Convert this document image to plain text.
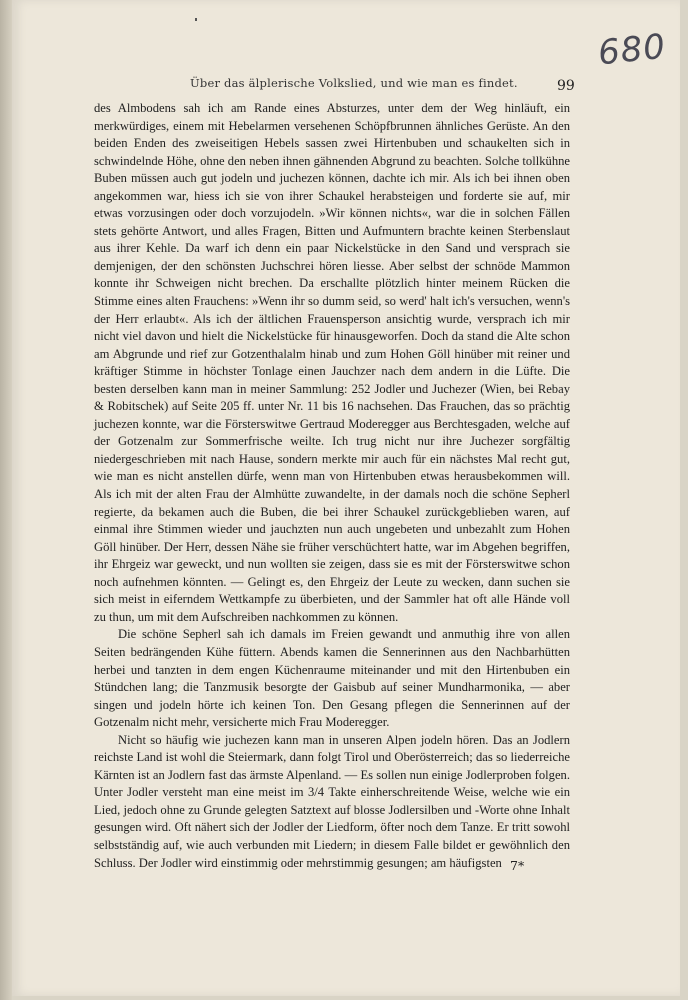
680
Über das älplerische Volkslied, und wie man es findet.	99

des Almbodens sah ich am Rande eines Absturzes, unter dem der Weg hinläuft, ein merkwürdiges, einem mit Hebelarmen versehenen Schöpfbrunnen ähnliches Gerüste. An den beiden Enden des zweiseitigen Hebels sassen zwei Hirtenbuben und schaukelten sich in schwindelnde Höhe, ohne den neben ihnen gähnenden Abgrund zu beachten. Solche tollkühne Buben müssen auch gut jodeln und juchezen können, dachte ich mir. Als ich bei ihnen oben angekommen war, hiess ich sie von ihrer Schaukel herabsteigen und forderte sie auf, mir etwas vorzusingen oder doch vorzujodeln. »Wir können nichts«, war die in solchen Fällen stets gehörte Antwort, und alles Fragen, Bitten und Aufmuntern brachte keinen Sterbenslaut aus ihrer Kehle. Da warf ich denn ein paar Nickelstücke in den Sand und versprach sie demjenigen, der den schönsten Juchschrei hören liesse. Aber selbst der schnöde Mammon konnte ihr Schweigen nicht brechen. Da erschallte plötzlich hinter meinem Rücken die Stimme eines alten Frauchens: »Wenn ihr so dumm seid, so werd' halt ich's versuchen, wenn's der Herr erlaubt«. Als ich der ältlichen Frauensperson ansichtig wurde, versprach ich mir nicht viel davon und hielt die Nickelstücke für hinausgeworfen. Doch da stand die Alte schon am Abgrunde und rief zur Gotzenthalalm hinab und zum Hohen Göll hinüber mit reiner und kräftiger Stimme in höchster Tonlage einen Jauchzer nach dem andern in die Lüfte. Die besten derselben kann man in meiner Sammlung: 252 Jodler und Juchezer (Wien, bei Rebay & Robitschek) auf Seite 205 ff. unter Nr. 11 bis 16 nachsehen. Das Frauchen, das so prächtig juchezen konnte, war die Försterswitwe Gertraud Moderegger aus Berchtesgaden, welche auf der Gotzenalm zur Sommerfrische weilte. Ich trug nicht nur ihre Juchezer sorgfältig niedergeschrieben mit nach Hause, sondern merkte mir auch für ein nächstes Mal recht gut, wie man es nicht anstellen dürfe, wenn man von Hirtenbuben etwas herausbekommen will. Als ich mit der alten Frau der Almhütte zuwandelte, in der damals noch die schöne Sepherl regierte, da bekamen auch die Buben, die bei ihrer Schaukel zurückgeblieben waren, auf einmal ihre Stimmen wieder und jauchzten nun auch ungebeten und unbezahlt zum Hohen Göll hinüber. Der Herr, dessen Nähe sie früher verschüchtert hatte, war im Abgehen begriffen, ihr Ehrgeiz war geweckt, und nun wollten sie zeigen, dass sie es mit der Försterswitwe schon noch aufnehmen könnten. — Gelingt es, den Ehrgeiz der Leute zu wecken, dann suchen sie sich meist in eiferndem Wettkampfe zu überbieten, und der Sammler hat oft alle Hände voll zu thun, um mit dem Aufschreiben nachkommen zu können.

Die schöne Sepherl sah ich damals im Freien gewandt und anmuthig ihre von allen Seiten bedrängenden Kühe füttern. Abends kamen die Sennerinnen aus den Nachbarhütten herbei und tanzten in dem engen Küchenraume miteinander und mit den Hirtenbuben ein Stündchen lang; die Tanzmusik besorgte der Gaisbub auf seiner Mundharmonika, — aber singen und jodeln hörte ich keinen Ton. Den Gesang pflegen die Sennerinnen auf der Gotzenalm nicht mehr, versicherte mich Frau Moderegger.

Nicht so häufig wie juchezen kann man in unseren Alpen jodeln hören. Das an Jodlern reichste Land ist wohl die Steiermark, dann folgt Tirol und Oberösterreich; das so liederreiche Kärnten ist an Jodlern fast das ärmste Alpenland. — Es sollen nun einige Jodlerproben folgen. Unter Jodler versteht man eine meist im 3/4 Takte einherschreitende Weise, welche wie ein Lied, jedoch ohne zu Grunde gelegten Satztext auf blosse Jodlersilben und -Worte ohne Inhalt gesungen wird. Oft nähert sich der Jodler der Liedform, öfter noch dem Tanze. Er tritt sowohl selbstständig auf, wie auch verbunden mit Liedern; in diesem Falle bildet er gewöhnlich den Schluss. Der Jodler wird einstimmig oder mehrstimmig gesungen; am häufigsten 7*
